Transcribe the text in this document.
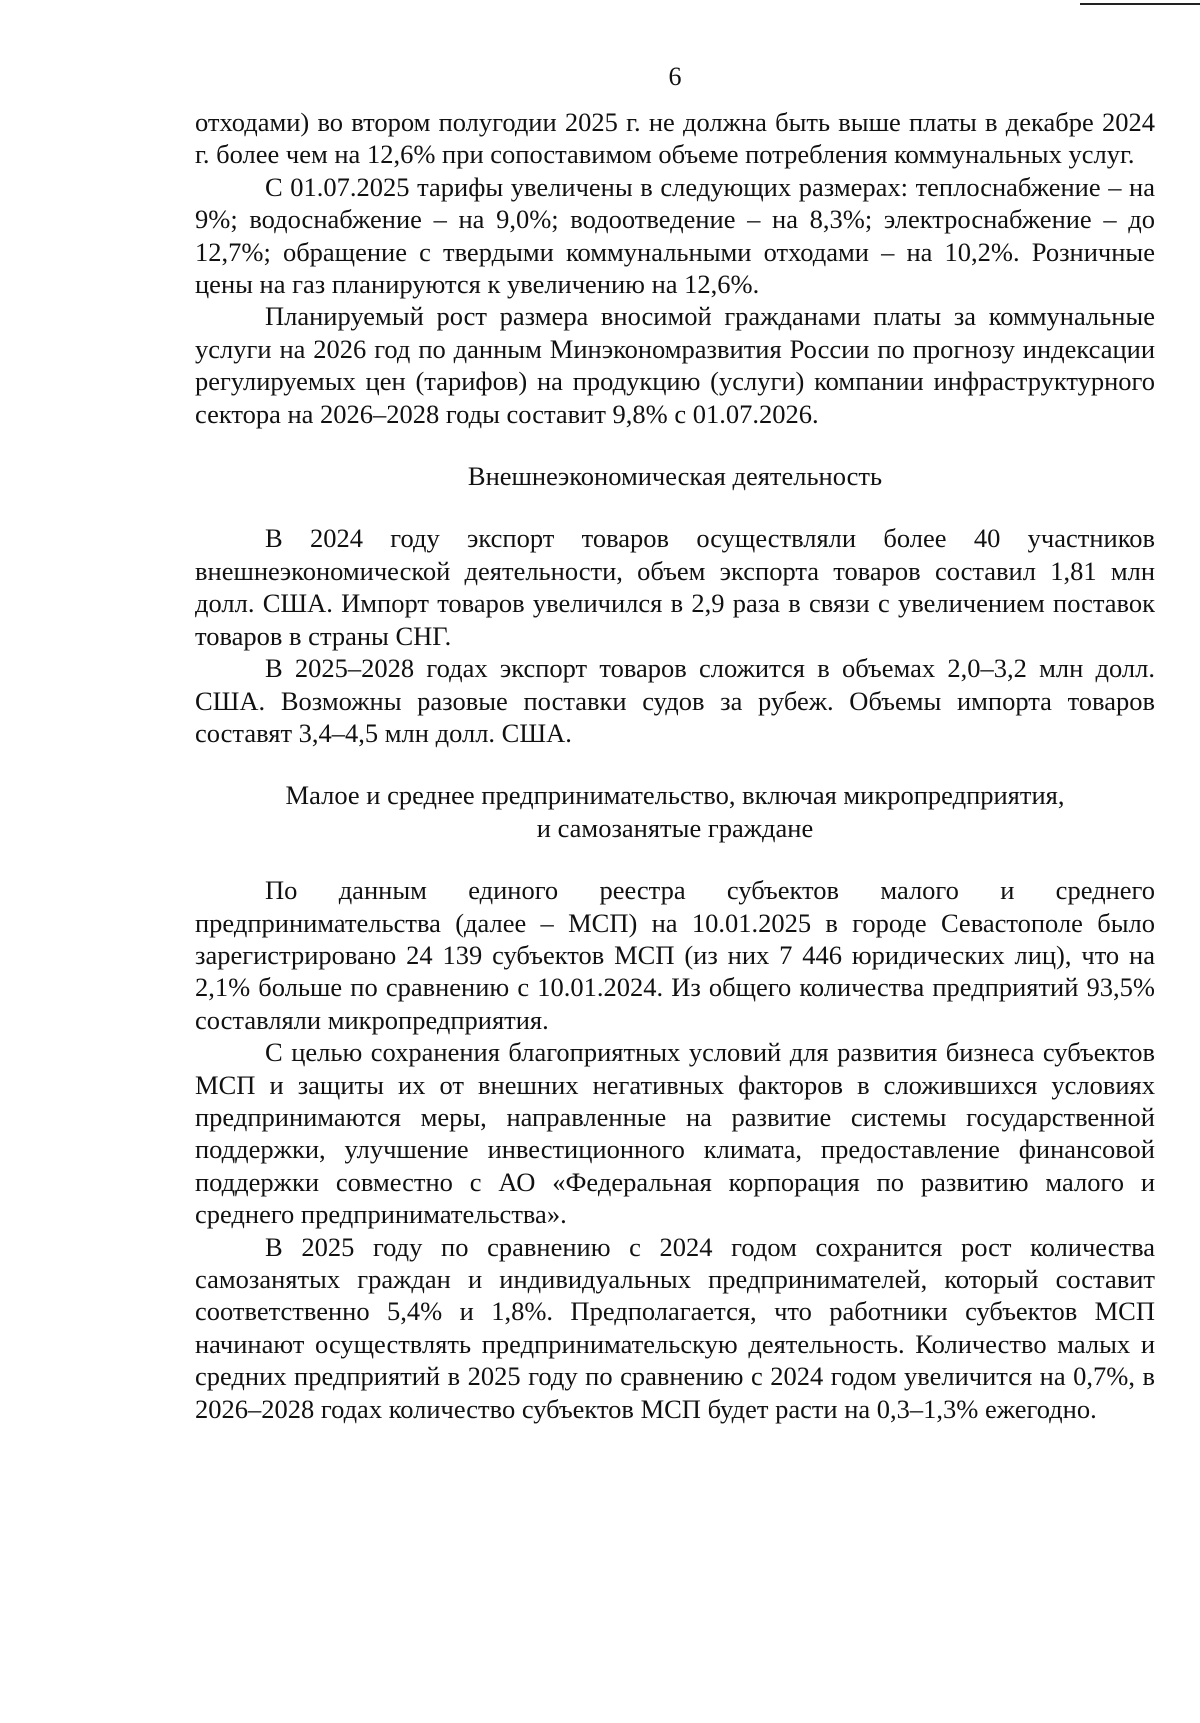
6

отходами) во втором полугодии 2025 г. не должна быть выше платы в декабре 2024 г. более чем на 12,6% при сопоставимом объеме потребления коммунальных услуг.

С 01.07.2025 тарифы увеличены в следующих размерах: теплоснабжение – на 9%; водоснабжение – на 9,0%; водоотведение – на 8,3%; электроснабжение – до 12,7%; обращение с твердыми коммунальными отходами – на 10,2%. Розничные цены на газ планируются к увеличению на 12,6%.

Планируемый рост размера вносимой гражданами платы за коммунальные услуги на 2026 год по данным Минэкономразвития России по прогнозу индексации регулируемых цен (тарифов) на продукцию (услуги) компании инфраструктурного сектора на 2026–2028 годы составит 9,8% с 01.07.2026.

Внешнеэкономическая деятельность

В 2024 году экспорт товаров осуществляли более 40 участников внешнеэкономической деятельности, объем экспорта товаров составил 1,81 млн долл. США. Импорт товаров увеличился в 2,9 раза в связи с увеличением поставок товаров в страны СНГ.

В 2025–2028 годах экспорт товаров сложится в объемах 2,0–3,2 млн долл. США. Возможны разовые поставки судов за рубеж. Объемы импорта товаров составят 3,4–4,5 млн долл. США.

Малое и среднее предпринимательство, включая микропредприятия,

и самозанятые граждане

По данным единого реестра субъектов малого и среднего предпринимательства (далее – МСП) на 10.01.2025 в городе Севастополе было зарегистрировано 24 139 субъектов МСП (из них 7 446 юридических лиц), что на 2,1% больше по сравнению с 10.01.2024. Из общего количества предприятий 93,5% составляли микропредприятия.

С целью сохранения благоприятных условий для развития бизнеса субъектов МСП и защиты их от внешних негативных факторов в сложившихся условиях предпринимаются меры, направленные на развитие системы государственной поддержки, улучшение инвестиционного климата, предоставление финансовой поддержки совместно с АО «Федеральная корпорация по развитию малого и среднего предпринимательства».

В 2025 году по сравнению с 2024 годом сохранится рост количества самозанятых граждан и индивидуальных предпринимателей, который составит соответственно 5,4% и 1,8%. Предполагается, что работники субъектов МСП начинают осуществлять предпринимательскую деятельность. Количество малых и средних предприятий в 2025 году по сравнению с 2024 годом увеличится на 0,7%, в 2026–2028 годах количество субъектов МСП будет расти на 0,3–1,3% ежегодно.
